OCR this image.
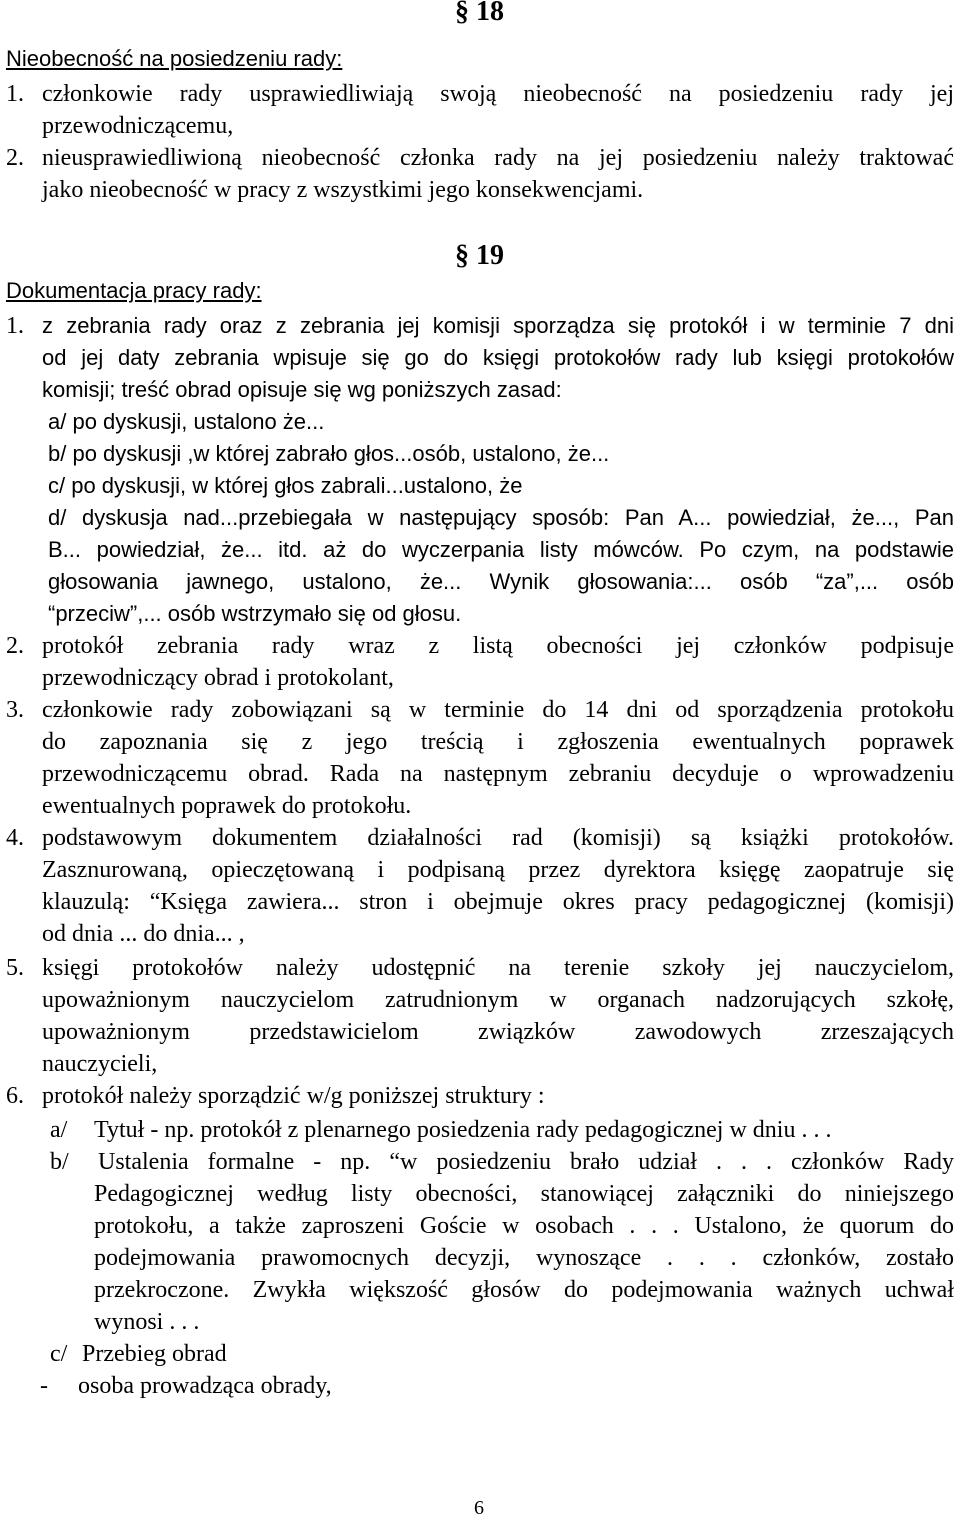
§ 18
Nieobecność na posiedzeniu rady:
1. członkowie rady usprawiedliwiają swoją nieobecność na posiedzeniu rady jej
przewodniczącemu,
2. nieusprawiedliwioną nieobecność członka rady na jej posiedzeniu należy traktować
jako nieobecność w pracy z wszystkimi jego konsekwencjami.
§ 19
Dokumentacja pracy rady:
1. z zebrania rady oraz z zebrania jej komisji sporządza się protokół i w terminie 7 dni
od jej daty zebrania wpisuje się go do księgi protokołów rady lub księgi protokołów
komisji; treść obrad opisuje się wg poniższych zasad:
a/ po dyskusji, ustalono że...
b/ po dyskusji ,w której zabrało głos...osób, ustalono, że...
c/ po dyskusji, w której głos zabrali...ustalono, że
d/ dyskusja nad...przebiegała w następujący sposób: Pan A... powiedział, że..., Pan
B... powiedział, że... itd. aż do wyczerpania listy mówców. Po czym, na podstawie
głosowania jawnego, ustalono, że... Wynik głosowania:... osób “za”,... osób
“przeciw”,... osób wstrzymało się od głosu.
2. protokół zebrania rady wraz z listą obecności jej członków podpisuje
przewodniczący obrad i protokolant,
3. członkowie rady zobowiązani są w terminie do 14 dni od sporządzenia protokołu
do zapoznania się z jego treścią i zgłoszenia ewentualnych poprawek
przewodniczącemu obrad. Rada na następnym zebraniu decyduje o wprowadzeniu
ewentualnych poprawek do protokołu.
4. podstawowym dokumentem działalności rad (komisji) są książki protokołów.
Zasznurowaną, opieczętowaną i podpisaną przez dyrektora księgę zaopatruje się
klauzulą: “Księga zawiera... stron i obejmuje okres pracy pedagogicznej (komisji)
od dnia ... do dnia... ,
5. księgi protokołów należy udostępnić na terenie szkoły jej nauczycielom,
upoważnionym nauczycielom zatrudnionym w organach nadzorujących szkołę,
upoważnionym przedstawicielom związków zawodowych zrzeszających
nauczycieli,
6. protokół należy sporządzić w/g poniższej struktury :
a/ Tytuł - np. protokół z plenarnego posiedzenia rady pedagogicznej w dniu . . .
b/ Ustalenia formalne - np. “w posiedzeniu brało udział . . . członków Rady
Pedagogicznej według listy obecności, stanowiącej załączniki do niniejszego
protokołu, a także zaproszeni Goście w osobach . . . Ustalono, że quorum do
podejmowania prawomocnych decyzji, wynoszące . . . członków, zostało
przekroczone. Zwykła większość głosów do podejmowania ważnych uchwał
wynosi . . .
c/ Przebieg obrad
- osoba prowadząca obrady,
6
